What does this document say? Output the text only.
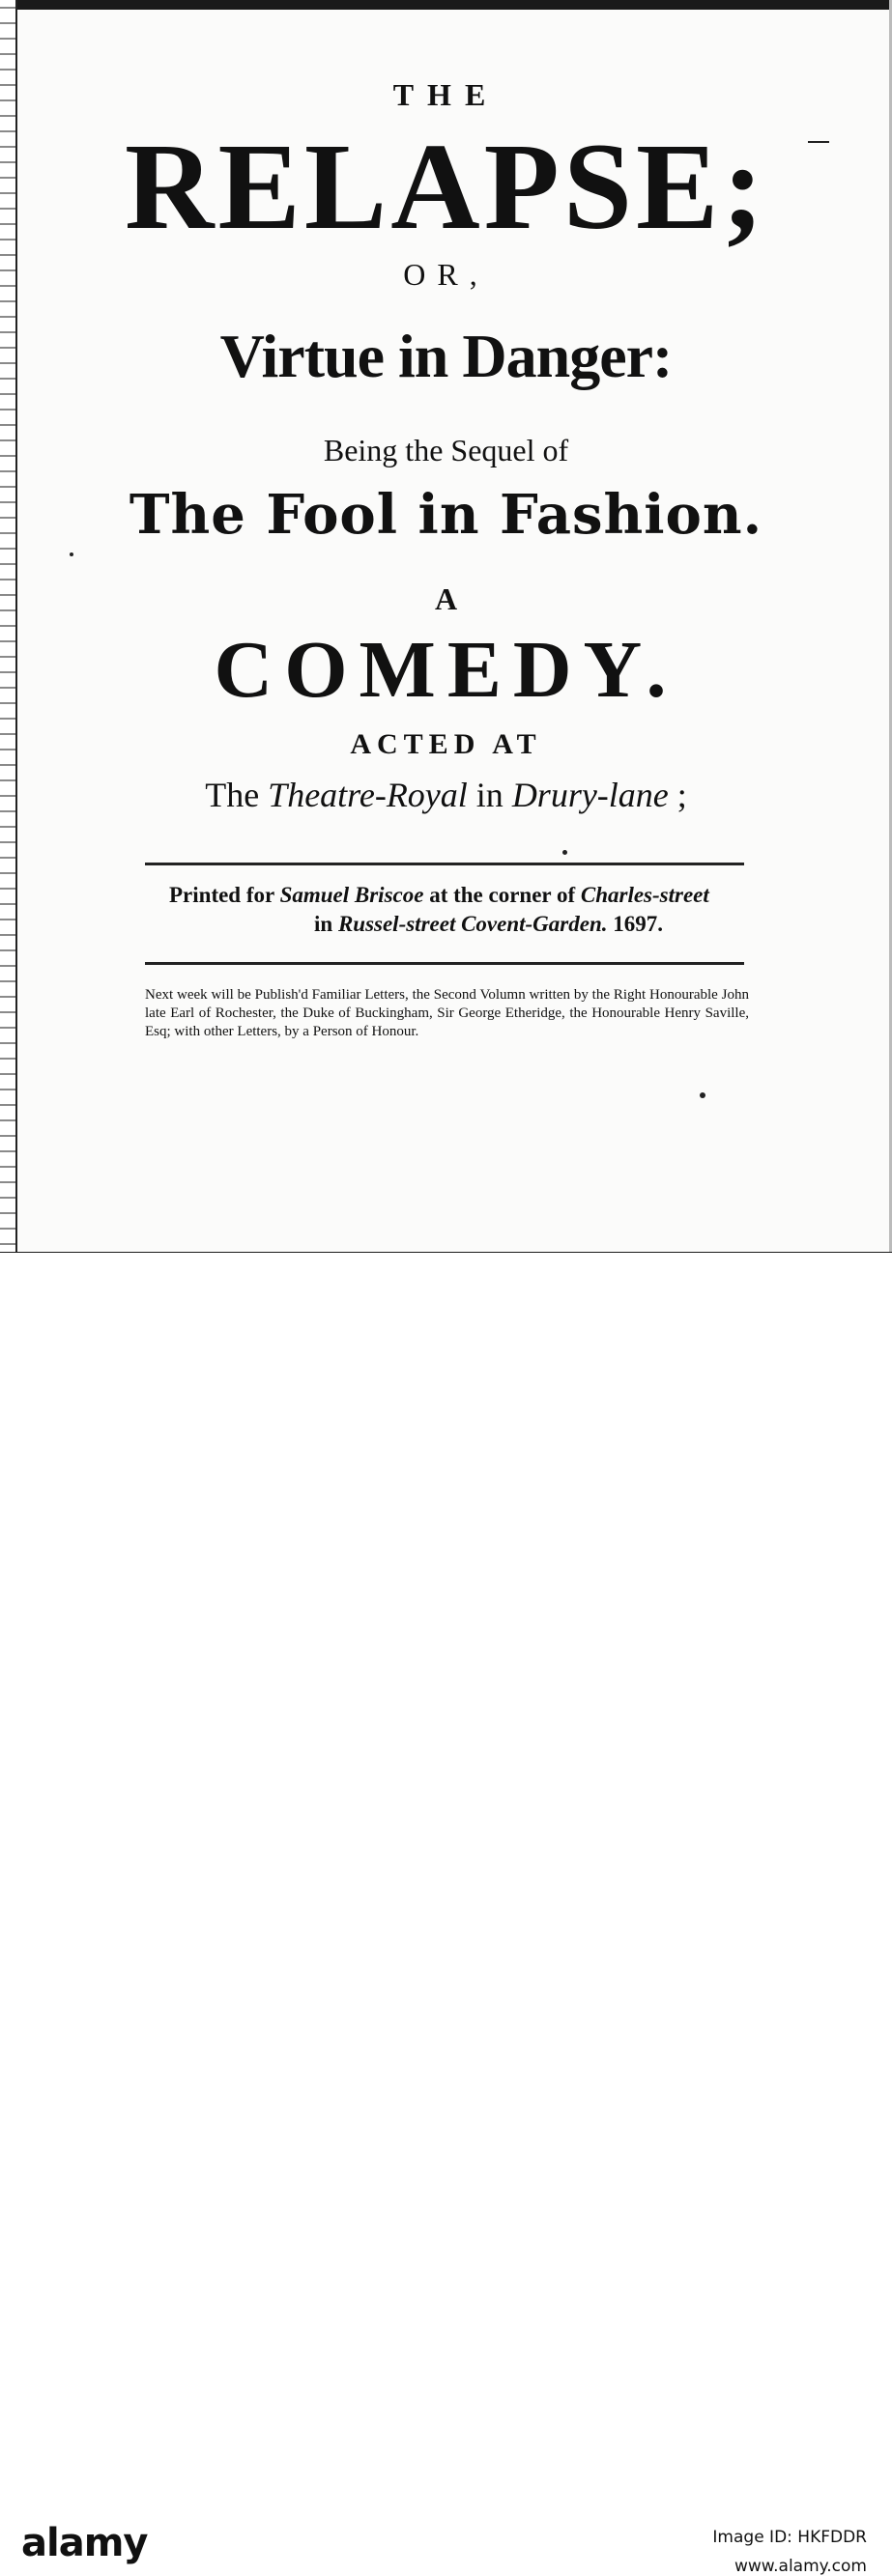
THE

RELAPSE;

OR,

Virtue in Danger:

Being the Sequel of

The Fool in Fashion.

A

COMEDY.

ACTED AT

The Theatre-Royal in Drury-lane ;

Printed for Samuel Briscoe at the corner of Charles-street
in Russel-street Covent-Garden. 1697.

Next week will be Publish'd Familiar Letters, the Second Volumn written by the Right Honourable John late Earl of Rochester, the Duke of Buckingham, Sir George Etheridge, the Honourable Henry Saville, Esq; with other Letters, by a Person of Honour.

alamy	Image ID: HKFDDR
www.alamy.com
